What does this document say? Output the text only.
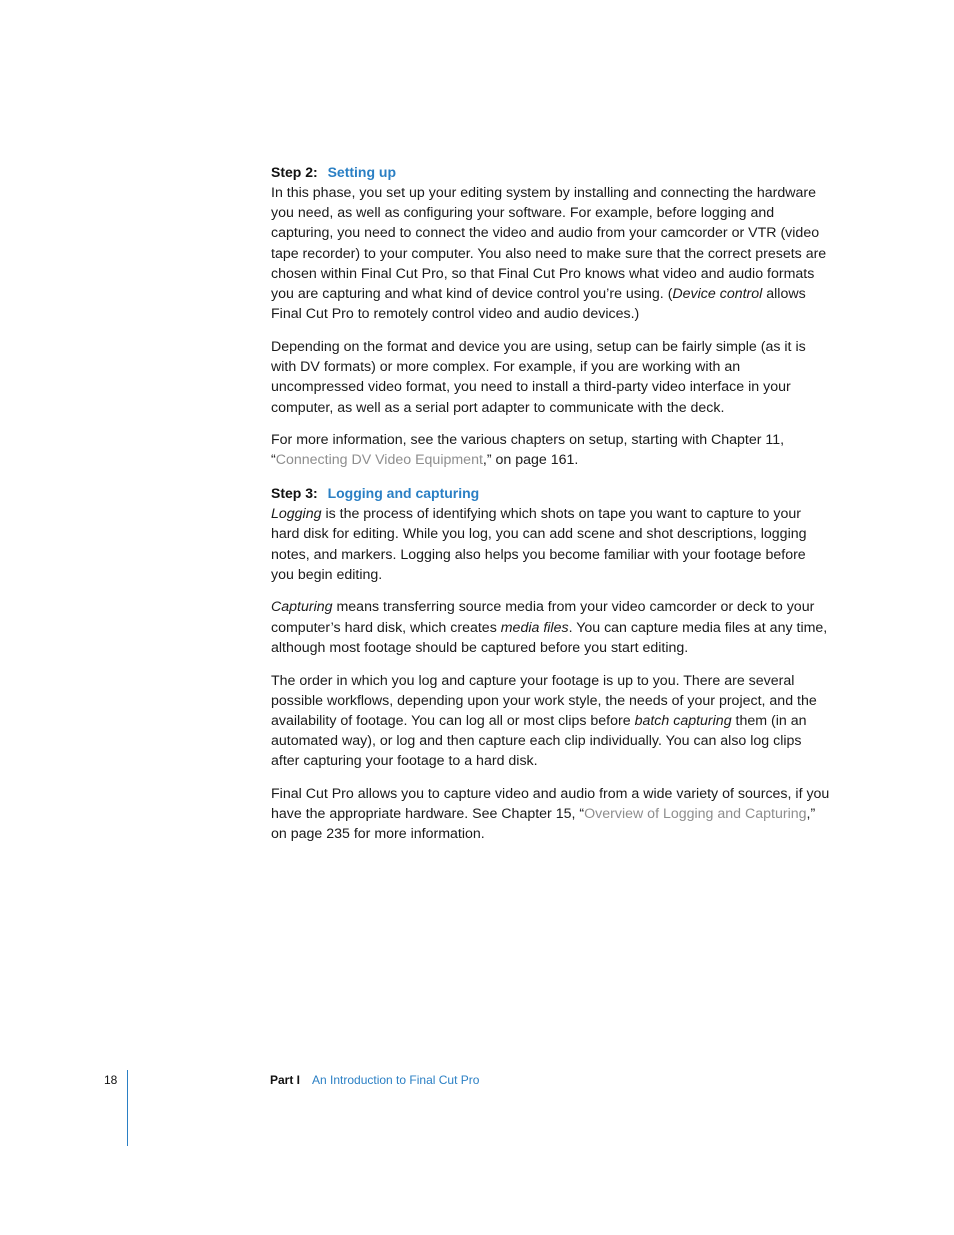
Step 2: Setting up

In this phase, you set up your editing system by installing and connecting the hardware you need, as well as configuring your software. For example, before logging and capturing, you need to connect the video and audio from your camcorder or VTR (video tape recorder) to your computer. You also need to make sure that the correct presets are chosen within Final Cut Pro, so that Final Cut Pro knows what video and audio formats you are capturing and what kind of device control you’re using. (Device control allows Final Cut Pro to remotely control video and audio devices.)

Depending on the format and device you are using, setup can be fairly simple (as it is with DV formats) or more complex. For example, if you are working with an uncompressed video format, you need to install a third-party video interface in your computer, as well as a serial port adapter to communicate with the deck.

For more information, see the various chapters on setup, starting with Chapter 11, “Connecting DV Video Equipment,” on page 161.

Step 3: Logging and capturing

Logging is the process of identifying which shots on tape you want to capture to your hard disk for editing. While you log, you can add scene and shot descriptions, logging notes, and markers. Logging also helps you become familiar with your footage before you begin editing.

Capturing means transferring source media from your video camcorder or deck to your computer’s hard disk, which creates media files. You can capture media files at any time, although most footage should be captured before you start editing.

The order in which you log and capture your footage is up to you. There are several possible workflows, depending upon your work style, the needs of your project, and the availability of footage. You can log all or most clips before batch capturing them (in an automated way), or log and then capture each clip individually. You can also log clips after capturing your footage to a hard disk.

Final Cut Pro allows you to capture video and audio from a wide variety of sources, if you have the appropriate hardware. See Chapter 15, “Overview of Logging and Capturing,” on page 235 for more information.

18	Part I An Introduction to Final Cut Pro
